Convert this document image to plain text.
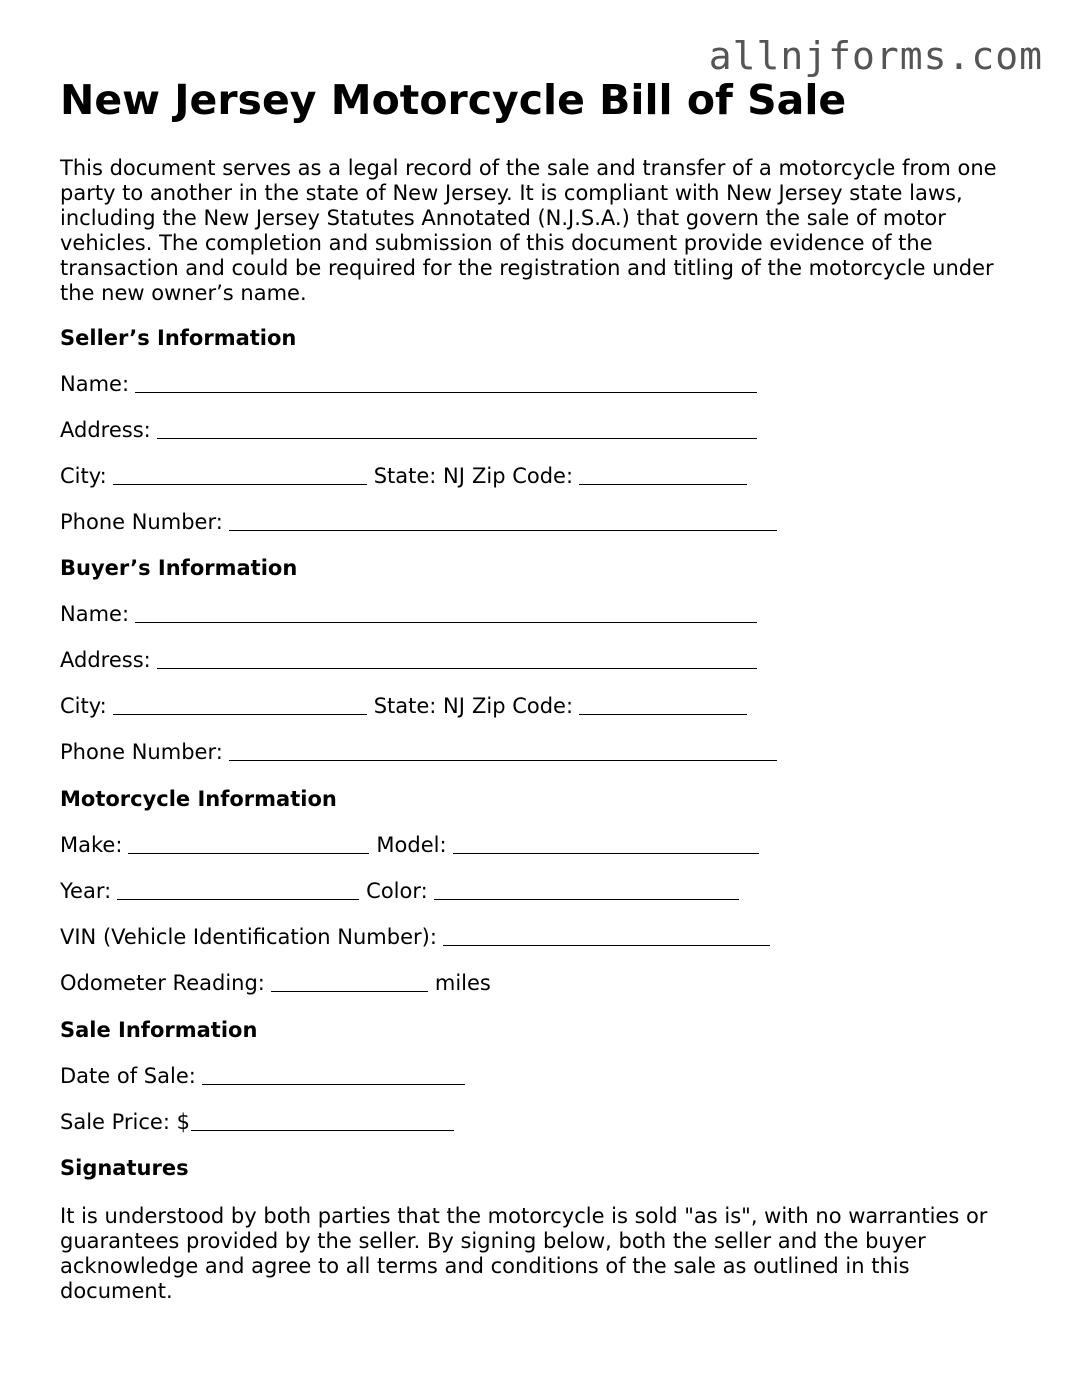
allnjforms.com
New Jersey Motorcycle Bill of Sale

This document serves as a legal record of the sale and transfer of a motorcycle from one party to another in the state of New Jersey. It is compliant with New Jersey state laws, including the New Jersey Statutes Annotated (N.J.S.A.) that govern the sale of motor vehicles. The completion and submission of this document provide evidence of the transaction and could be required for the registration and titling of the motorcycle under the new owner’s name.

Seller’s Information
Name:
Address:
City:	State: NJ Zip Code:
Phone Number:
Buyer’s Information
Name:
Address:
City:	State: NJ Zip Code:
Phone Number:
Motorcycle Information
Make:	Model:
Year:	Color:
VIN (Vehicle Identification Number):
Odometer Reading:	miles
Sale Information
Date of Sale:
Sale Price: $
Signatures

It is understood by both parties that the motorcycle is sold "as is", with no warranties or guarantees provided by the seller. By signing below, both the seller and the buyer acknowledge and agree to all terms and conditions of the sale as outlined in this document.
